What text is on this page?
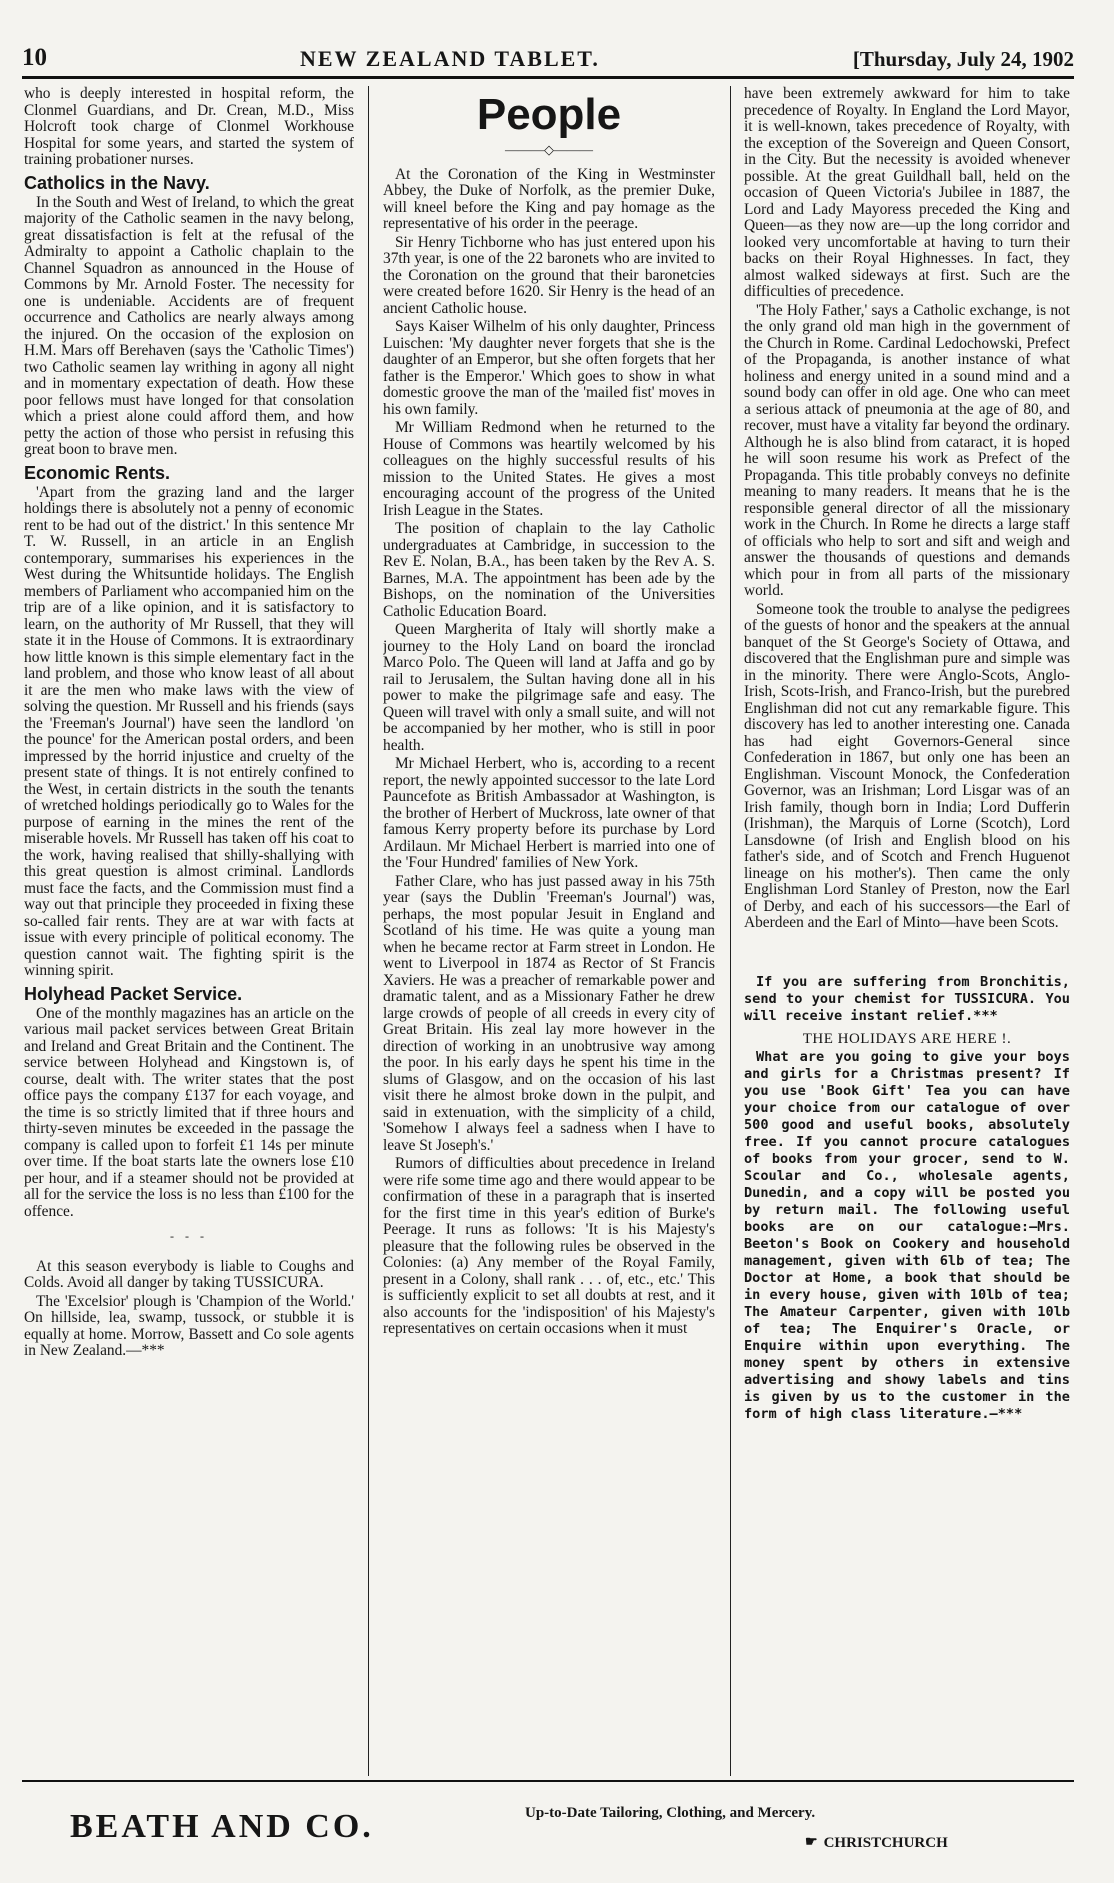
10	NEW ZEALAND TABLET.	[Thursday, July 24, 1902

who is deeply interested in hospital reform, the Clonmel Guardians, and Dr. Crean, M.D., Miss Holcroft took charge of Clonmel Workhouse Hospital for some years, and started the system of training probationer nurses.

Catholics in the Navy.

In the South and West of Ireland, to which the great majority of the Catholic seamen in the navy belong, great dissatisfaction is felt at the refusal of the Admiralty to appoint a Catholic chaplain to the Channel Squadron as announced in the House of Commons by Mr. Arnold Foster. The necessity for one is undeniable. Accidents are of frequent occurrence and Catholics are nearly always among the injured. On the occasion of the explosion on H.M. Mars off Berehaven (says the 'Catholic Times') two Catholic seamen lay writhing in agony all night and in momentary expectation of death. How these poor fellows must have longed for that consolation which a priest alone could afford them, and how petty the action of those who persist in refusing this great boon to brave men.

Economic Rents.

'Apart from the grazing land and the larger holdings there is absolutely not a penny of economic rent to be had out of the district.' In this sentence Mr T. W. Russell, in an article in an English contemporary, summarises his experiences in the West during the Whitsuntide holidays. The English members of Parliament who accompanied him on the trip are of a like opinion, and it is satisfactory to learn, on the authority of Mr Russell, that they will state it in the House of Commons. It is extraordinary how little known is this simple elementary fact in the land problem, and those who know least of all about it are the men who make laws with the view of solving the question. Mr Russell and his friends (says the 'Freeman's Journal') have seen the landlord 'on the pounce' for the American postal orders, and been impressed by the horrid injustice and cruelty of the present state of things. It is not entirely confined to the West, in certain districts in the south the tenants of wretched holdings periodically go to Wales for the purpose of earning in the mines the rent of the miserable hovels. Mr Russell has taken off his coat to the work, having realised that shilly-shallying with this great question is almost criminal. Landlords must face the facts, and the Commission must find a way out that principle they proceeded in fixing these so-called fair rents. They are at war with facts at issue with every principle of political economy. The question cannot wait. The fighting spirit is the winning spirit.

Holyhead Packet Service.

One of the monthly magazines has an article on the various mail packet services between Great Britain and Ireland and Great Britain and the Continent. The service between Holyhead and Kingstown is, of course, dealt with. The writer states that the post office pays the company £137 for each voyage, and the time is so strictly limited that if three hours and thirty-seven minutes be exceeded in the passage the company is called upon to forfeit £1 14s per minute over time. If the boat starts late the owners lose £10 per hour, and if a steamer should not be provided at all for the service the loss is no less than £100 for the offence.

- - -

At this season everybody is liable to Coughs and Colds. Avoid all danger by taking TUSSICURA.

The 'Excelsior' plough is 'Champion of the World.' On hillside, lea, swamp, tussock, or stubble it is equally at home. Morrow, Bassett and Co sole agents in New Zealand.—***

People
———◇———

At the Coronation of the King in Westminster Abbey, the Duke of Norfolk, as the premier Duke, will kneel before the King and pay homage as the representative of his order in the peerage.

Sir Henry Tichborne who has just entered upon his 37th year, is one of the 22 baronets who are invited to the Coronation on the ground that their baronetcies were created before 1620. Sir Henry is the head of an ancient Catholic house.

Says Kaiser Wilhelm of his only daughter, Princess Luischen: 'My daughter never forgets that she is the daughter of an Emperor, but she often forgets that her father is the Emperor.' Which goes to show in what domestic groove the man of the 'mailed fist' moves in his own family.

Mr William Redmond when he returned to the House of Commons was heartily welcomed by his colleagues on the highly successful results of his mission to the United States. He gives a most encouraging account of the progress of the United Irish League in the States.

The position of chaplain to the lay Catholic undergraduates at Cambridge, in succession to the Rev E. Nolan, B.A., has been taken by the Rev A. S. Barnes, M.A. The appointment has been ade by the Bishops, on the nomination of the Universities Catholic Education Board.

Queen Margherita of Italy will shortly make a journey to the Holy Land on board the ironclad Marco Polo. The Queen will land at Jaffa and go by rail to Jerusalem, the Sultan having done all in his power to make the pilgrimage safe and easy. The Queen will travel with only a small suite, and will not be accompanied by her mother, who is still in poor health.

Mr Michael Herbert, who is, according to a recent report, the newly appointed successor to the late Lord Pauncefote as British Ambassador at Washington, is the brother of Herbert of Muckross, late owner of that famous Kerry property before its purchase by Lord Ardilaun. Mr Michael Herbert is married into one of the 'Four Hundred' families of New York.

Father Clare, who has just passed away in his 75th year (says the Dublin 'Freeman's Journal') was, perhaps, the most popular Jesuit in England and Scotland of his time. He was quite a young man when he became rector at Farm street in London. He went to Liverpool in 1874 as Rector of St Francis Xaviers. He was a preacher of remarkable power and dramatic talent, and as a Missionary Father he drew large crowds of people of all creeds in every city of Great Britain. His zeal lay more however in the direction of working in an unobtrusive way among the poor. In his early days he spent his time in the slums of Glasgow, and on the occasion of his last visit there he almost broke down in the pulpit, and said in extenuation, with the simplicity of a child, 'Somehow I always feel a sadness when I have to leave St Joseph's.'

Rumors of difficulties about precedence in Ireland were rife some time ago and there would appear to be confirmation of these in a paragraph that is inserted for the first time in this year's edition of Burke's Peerage. It runs as follows: 'It is his Majesty's pleasure that the following rules be observed in the Colonies: (a) Any member of the Royal Family, present in a Colony, shall rank . . . of, etc., etc.' This is sufficiently explicit to set all doubts at rest, and it also accounts for the 'indisposition' of his Majesty's representatives on certain occasions when it must

have been extremely awkward for him to take precedence of Royalty. In England the Lord Mayor, it is well-known, takes precedence of Royalty, with the exception of the Sovereign and Queen Consort, in the City. But the necessity is avoided whenever possible. At the great Guildhall ball, held on the occasion of Queen Victoria's Jubilee in 1887, the Lord and Lady Mayoress preceded the King and Queen—as they now are—up the long corridor and looked very uncomfortable at having to turn their backs on their Royal Highnesses. In fact, they almost walked sideways at first. Such are the difficulties of precedence.

'The Holy Father,' says a Catholic exchange, is not the only grand old man high in the government of the Church in Rome. Cardinal Ledochowski, Prefect of the Propaganda, is another instance of what holiness and energy united in a sound mind and a sound body can offer in old age. One who can meet a serious attack of pneumonia at the age of 80, and recover, must have a vitality far beyond the ordinary. Although he is also blind from cataract, it is hoped he will soon resume his work as Prefect of the Propaganda. This title probably conveys no definite meaning to many readers. It means that he is the responsible general director of all the missionary work in the Church. In Rome he directs a large staff of officials who help to sort and sift and weigh and answer the thousands of questions and demands which pour in from all parts of the missionary world.

Someone took the trouble to analyse the pedigrees of the guests of honor and the speakers at the annual banquet of the St George's Society of Ottawa, and discovered that the Englishman pure and simple was in the minority. There were Anglo-Scots, Anglo-Irish, Scots-Irish, and Franco-Irish, but the purebred Englishman did not cut any remarkable figure. This discovery has led to another interesting one. Canada has had eight Governors-General since Confederation in 1867, but only one has been an Englishman. Viscount Monock, the Confederation Governor, was an Irishman; Lord Lisgar was of an Irish family, though born in India; Lord Dufferin (Irishman), the Marquis of Lorne (Scotch), Lord Lansdowne (of Irish and English blood on his father's side, and of Scotch and French Huguenot lineage on his mother's). Then came the only Englishman Lord Stanley of Preston, now the Earl of Derby, and each of his successors—the Earl of Aberdeen and the Earl of Minto—have been Scots.

If you are suffering from Bronchitis, send to your chemist for TUSSICURA. You will receive instant relief.***

THE HOLIDAYS ARE HERE !.

What are you going to give your boys and girls for a Christmas present? If you use 'Book Gift' Tea you can have your choice from our catalogue of over 500 good and useful books, absolutely free. If you cannot procure catalogues of books from your grocer, send to W. Scoular and Co., wholesale agents, Dunedin, and a copy will be posted you by return mail. The following useful books are on our catalogue:—Mrs. Beeton's Book on Cookery and household management, given with 6lb of tea; The Doctor at Home, a book that should be in every house, given with 10lb of tea; The Amateur Carpenter, given with 10lb of tea; The Enquirer's Oracle, or Enquire within upon everything. The money spent by others in extensive advertising and showy labels and tins is given by us to the customer in the form of high class literature.—***

BEATH AND CO.	Up-to-Date Tailoring, Clothing, and Mercery.
☛ CHRISTCHURCH
